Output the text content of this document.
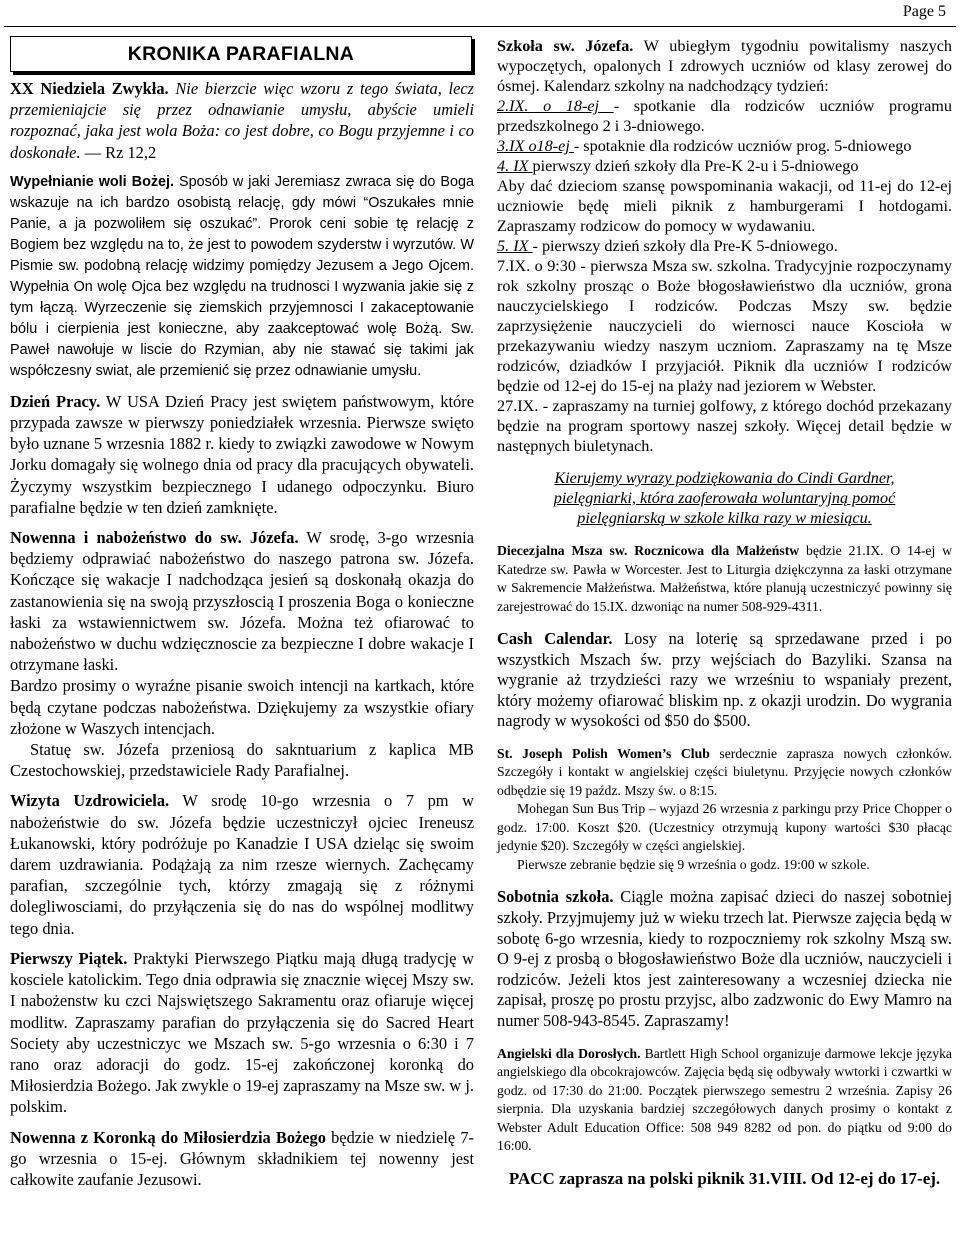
Page 5
KRONIKA PARAFIALNA

XX Niedziela Zwykła. Nie bierzcie więc wzoru z tego świata, lecz przemieniajcie się przez odnawianie umysłu, abyście umieli rozpoznać, jaka jest wola Boża: co jest dobre, co Bogu przyjemne i co doskonałe. — Rz 12,2

Wypełnianie woli Bożej. Sposób w jaki Jeremiasz zwraca się do Boga wskazuje na ich bardzo osobistą relację, gdy mówi “Oszukałes mnie Panie, a ja pozwoliłem się oszukać”. Prorok ceni sobie tę relację z Bogiem bez względu na to, że jest to powodem szyderstw i wyrzutów. W Pismie sw. podobną relację widzimy pomiędzy Jezusem a Jego Ojcem. Wypełnia On wolę Ojca bez względu na trudnosci I wyzwania jakie się z tym łączą. Wyrzeczenie się ziemskich przyjemnosci I zakaceptowanie bólu i cierpienia jest konieczne, aby zaakceptować wolę Bożą. Sw. Paweł nawołuje w liscie do Rzymian, aby nie stawać się takimi jak współczesny swiat, ale przemienić się przez odnawianie umysłu.

Dzień Pracy. W USA Dzień Pracy jest swiętem państwowym, które przypada zawsze w pierwszy poniedziałek wrzesnia. Pierwsze swięto było uznane 5 wrzesnia 1882 r. kiedy to związki zawodowe w Nowym Jorku domagały się wolnego dnia od pracy dla pracujących obywateli. Życzymy wszystkim bezpiecznego I udanego odpoczynku. Biuro parafialne będzie w ten dzień zamknięte.

Nowenna i nabożeństwo do sw. Józefa. W srodę, 3-go wrzesnia będziemy odprawiać nabożeństwo do naszego patrona sw. Józefa. Kończące się wakacje I nadchodząca jesień są doskonałą okazja do zastanowienia się na swoją przyszłoscią I proszenia Boga o konieczne łaski za wstawiennictwem sw. Józefa. Można też ofiarować to nabożeństwo w duchu wdzięcznoscie za bezpieczne I dobre wakacje I otrzymane łaski.

Bardzo prosimy o wyraźne pisanie swoich intencji na kartkach, które będą czytane podczas nabożeństwa. Dziękujemy za wszystkie ofiary złożone w Waszych intencjach.

Statuę sw. Józefa przeniosą do sakntuarium z kaplica MB Czestochowskiej, przedstawiciele Rady Parafialnej.

Wizyta Uzdrowiciela. W srodę 10-go wrzesnia o 7 pm w nabożeństwie do sw. Józefa będzie uczestniczył ojciec Ireneusz Łukanowski, który podróżuje po Kanadzie I USA dzieląc się swoim darem uzdrawiania. Podążają za nim rzesze wiernych. Zachęcamy parafian, szczególnie tych, którzy zmagają się z różnymi dolegliwosciami, do przyłączenia się do nas do wspólnej modlitwy tego dnia.

Pierwszy Piątek. Praktyki Pierwszego Piątku mają długą tradycję w kosciele katolickim. Tego dnia odprawia się znacznie więcej Mszy sw. I nabożenstw ku czci Najswiętszego Sakramentu oraz ofiaruje więcej modlitw. Zapraszamy parafian do przyłączenia się do Sacred Heart Society aby uczestniczyc we Mszach sw. 5-go wrzesnia o 6:30 i 7 rano oraz adoracji do godz. 15-ej zakończonej koronką do Miłosierdzia Bożego. Jak zwykle o 19-ej zapraszamy na Msze sw. w j. polskim.

Nowenna z Koronką do Miłosierdzia Bożego będzie w niedzielę 7-go wrzesnia o 15-ej. Głównym składnikiem tej nowenny jest całkowite zaufanie Jezusowi.

Szkoła sw. Józefa. W ubiegłym tygodniu powitalismy naszych wypoczętych, opalonych I zdrowych uczniów od klasy zerowej do ósmej. Kalendarz szkolny na nadchodzący tydzień:

2.IX. o 18-ej - spotkanie dla rodziców uczniów programu przedszkolnego 2 i 3-dniowego.

3.IX o18-ej - spotaknie dla rodziców uczniów prog. 5-dniowego

4. IX pierwszy dzień szkoły dla Pre-K 2-u i 5-dniowego

Aby dać dzieciom szansę powspominania wakacji, od 11-ej do 12-ej uczniowie będę mieli piknik z hamburgerami I hotdogami. Zapraszamy rodzicow do pomocy w wydawaniu.

5. IX - pierwszy dzień szkoły dla Pre-K 5-dniowego.

7.IX. o 9:30 - pierwsza Msza sw. szkolna. Tradycyjnie rozpoczynamy rok szkolny prosząc o Boże błogosławieństwo dla uczniów, grona nauczycielskiego I rodziców. Podczas Mszy sw. będzie zaprzysiężenie nauczycieli do wiernosci nauce Koscioła w przekazywaniu wiedzy naszym uczniom. Zapraszamy na tę Msze rodziców, dziadków I przyjaciół. Piknik dla uczniów I rodziców będzie od 12-ej do 15-ej na plaży nad jeziorem w Webster.

27.IX. - zapraszamy na turniej golfowy, z którego dochód przekazany będzie na program sportowy naszej szkoły. Więcej detail będzie w następnych biuletynach.

Kierujemy wyrazy podziękowania do Cindi Gardner, pielęgniarki, która zaoferowała woluntaryjną pomoć pielęgniarską w szkole kilka razy w miesiącu.

Diecezjalna Msza sw. Rocznicowa dla Małżeństw będzie 21.IX. O 14-ej w Katedrze sw. Pawła w Worcester. Jest to Liturgia dziękczynna za łaski otrzymane w Sakremencie Małżeństwa. Małżeństwa, które planują uczestniczyć powinny się zarejestrować do 15.IX. dzwoniąc na numer 508-929-4311.

Cash Calendar. Losy na loterię są sprzedawane przed i po wszystkich Mszach św. przy wejściach do Bazyliki. Szansa na wygranie aż trzydzieści razy we wrześniu to wspaniały prezent, który możemy ofiarować bliskim np. z okazji urodzin. Do wygrania nagrody w wysokości od $50 do $500.

St. Joseph Polish Women’s Club serdecznie zaprasza nowych członków. Szczegóły i kontakt w angielskiej części biuletynu. Przyjęcie nowych członków odbędzie się 19 paźdz. Mszy św. o 8:15.

Mohegan Sun Bus Trip – wyjazd 26 wrzesnia z parkingu przy Price Chopper o godz. 17:00. Koszt $20. (Uczestnicy otrzymują kupony wartości $30 płacąc jedynie $20). Szczegóły w części angielskiej.

Pierwsze zebranie będzie się 9 września o godz. 19:00 w szkole.

Sobotnia szkoła. Ciągle można zapisać dzieci do naszej sobotniej szkoły. Przyjmujemy już w wieku trzech lat. Pierwsze zajęcia będą w sobotę 6-go wrzesnia, kiedy to rozpoczniemy rok szkolny Mszą sw. O 9-ej z prosbą o błogosławieństwo Boże dla uczniów, nauczycieli i rodziców. Jeżeli ktos jest zainteresowany a wczesniej dziecka nie zapisał, proszę po prostu przyjsc, albo zadzwonic do Ewy Mamro na numer 508-943-8545. Zapraszamy!

Angielski dla Dorosłych. Bartlett High School organizuje darmowe lekcje języka angielskiego dla obcokrajowców. Zajęcia będą się odbywały wwtorki i czwartki w godz. od 17:30 do 21:00. Początek pierwszego semestru 2 września. Zapisy 26 sierpnia. Dla uzyskania bardziej szczegółowych danych prosimy o kontakt z Webster Adult Education Office: 508 949 8282 od pon. do piątku od 9:00 do 16:00.

PACC zaprasza na polski piknik 31.VIII. Od 12-ej do 17-ej.
